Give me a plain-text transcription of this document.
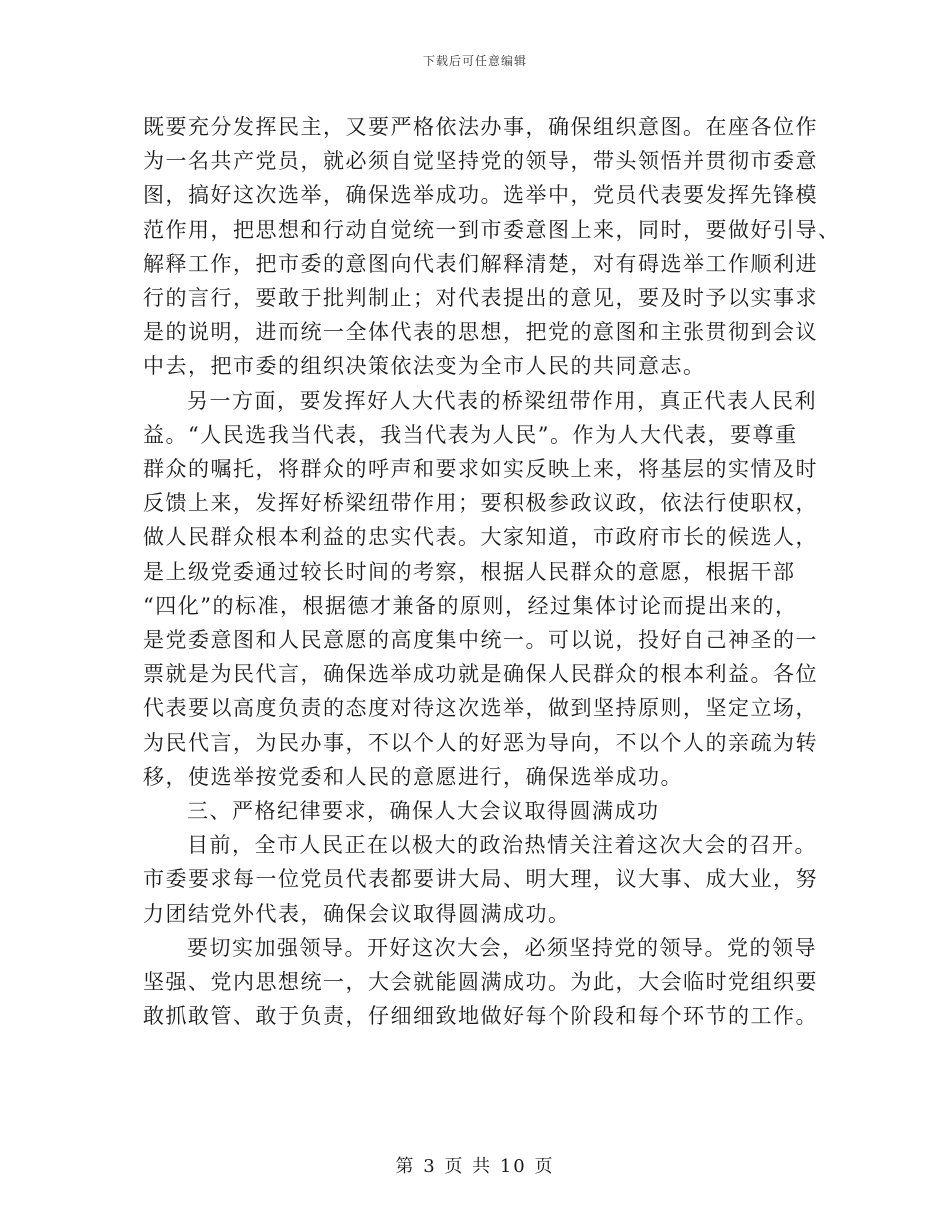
下载后可任意编辑
既要充分发挥民主，又要严格依法办事，确保组织意图。在座各位作
为一名共产党员，就必须自觉坚持党的领导，带头领悟并贯彻市委意
图，搞好这次选举，确保选举成功。选举中，党员代表要发挥先锋模
范作用，把思想和行动自觉统一到市委意图上来，同时，要做好引导、
解释工作，把市委的意图向代表们解释清楚，对有碍选举工作顺利进
行的言行，要敢于批判制止；对代表提出的意见，要及时予以实事求
是的说明，进而统一全体代表的思想，把党的意图和主张贯彻到会议
中去，把市委的组织决策依法变为全市人民的共同意志。
另一方面，要发挥好人大代表的桥梁纽带作用，真正代表人民利
益。“人民选我当代表，我当代表为人民”。作为人大代表，要尊重
群众的嘱托，将群众的呼声和要求如实反映上来，将基层的实情及时
反馈上来，发挥好桥梁纽带作用；要积极参政议政，依法行使职权，
做人民群众根本利益的忠实代表。大家知道，市政府市长的候选人，
是上级党委通过较长时间的考察，根据人民群众的意愿，根据干部
“四化”的标准，根据德才兼备的原则，经过集体讨论而提出来的，
是党委意图和人民意愿的高度集中统一。可以说，投好自己神圣的一
票就是为民代言，确保选举成功就是确保人民群众的根本利益。各位
代表要以高度负责的态度对待这次选举，做到坚持原则，坚定立场，
为民代言，为民办事，不以个人的好恶为导向，不以个人的亲疏为转
移，使选举按党委和人民的意愿进行，确保选举成功。
三、严格纪律要求，确保人大会议取得圆满成功
目前，全市人民正在以极大的政治热情关注着这次大会的召开。
市委要求每一位党员代表都要讲大局、明大理，议大事、成大业，努
力团结党外代表，确保会议取得圆满成功。
要切实加强领导。开好这次大会，必须坚持党的领导。党的领导
坚强、党内思想统一，大会就能圆满成功。为此，大会临时党组织要
敢抓敢管、敢于负责，仔细细致地做好每个阶段和每个环节的工作。
第 3 页 共 10 页
